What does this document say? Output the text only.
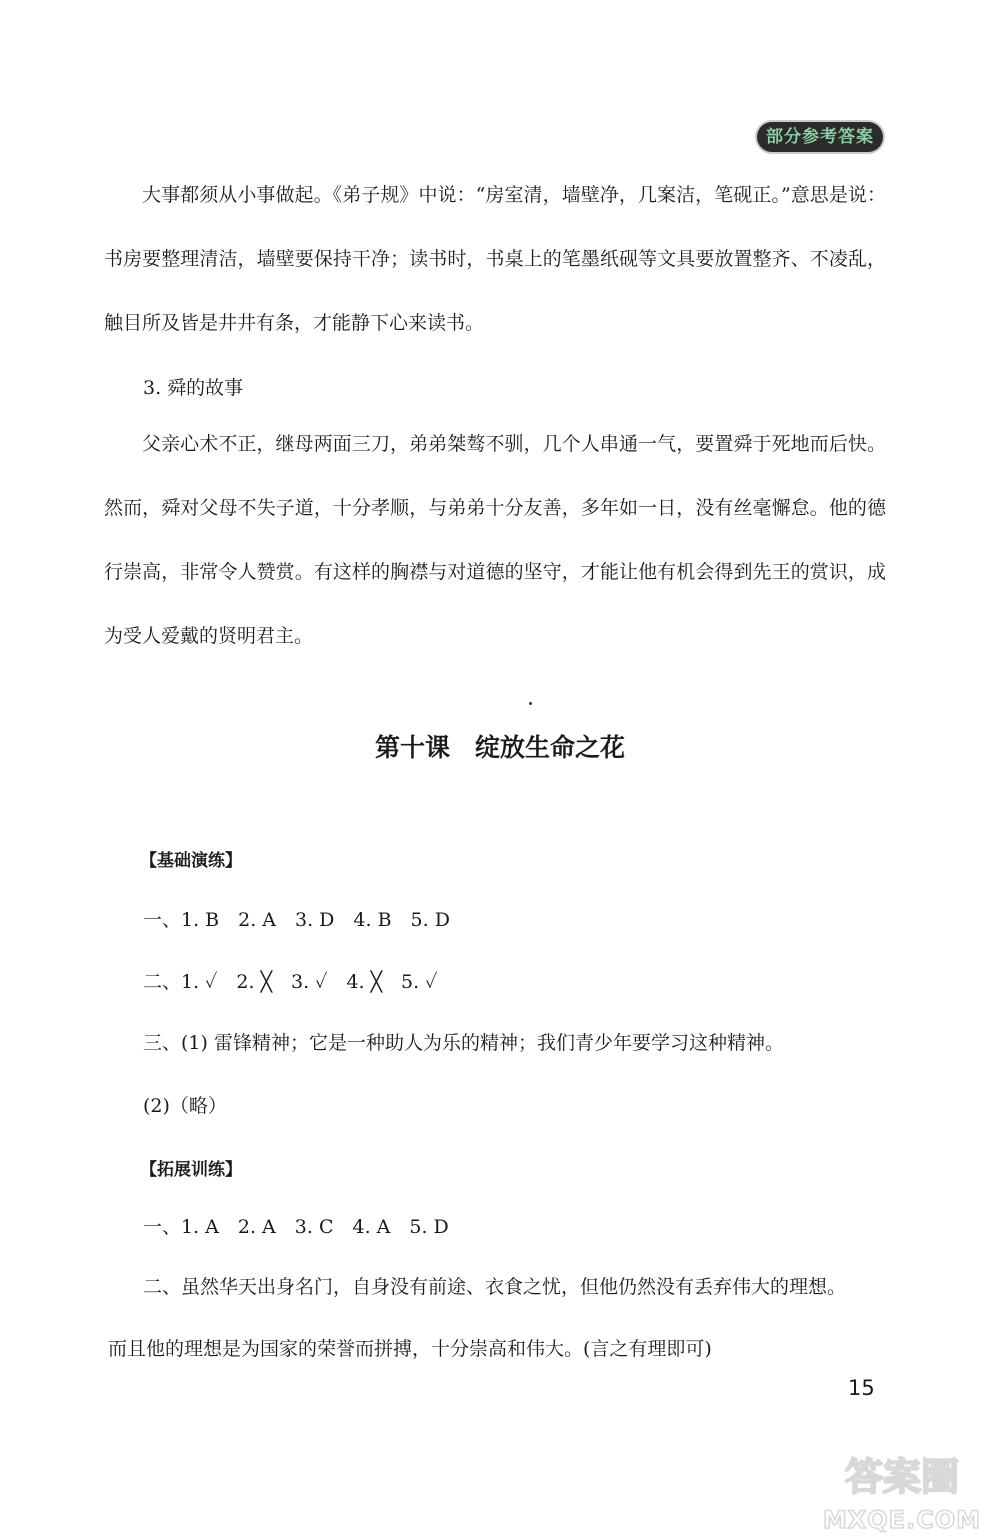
部分参考答案

大事都须从小事做起。《弟子规》中说：“房室清，墙壁净，几案洁，笔砚正。”意思是说：书房要整理清洁，墙壁要保持干净；读书时，书桌上的笔墨纸砚等文具要放置整齐、不凌乱，触目所及皆是井井有条，才能静下心来读书。

3. 舜的故事

父亲心术不正，继母两面三刀，弟弟桀骜不驯，几个人串通一气，要置舜于死地而后快。然而，舜对父母不失子道，十分孝顺，与弟弟十分友善，多年如一日，没有丝毫懈怠。他的德行崇高，非常令人赞赏。有这样的胸襟与对道德的坚守，才能让他有机会得到先王的赏识，成为受人爱戴的贤明君主。

第十课　绽放生命之花

【基础演练】

一、1. B　2. A　3. D　4. B　5. D

二、1. ✓　2. ╳　3. ✓　4. ╳　5. ✓

三、(1) 雷锋精神；它是一种助人为乐的精神；我们青少年要学习这种精神。

(2)（略）

【拓展训练】

一、1. A　2. A　3. C　4. A　5. D

二、虽然华天出身名门，自身没有前途、衣食之忧，但他仍然没有丢弃伟大的理想。

而且他的理想是为国家的荣誉而拼搏，十分崇高和伟大。(言之有理即可)

15

答案圈
MXQE.COM
